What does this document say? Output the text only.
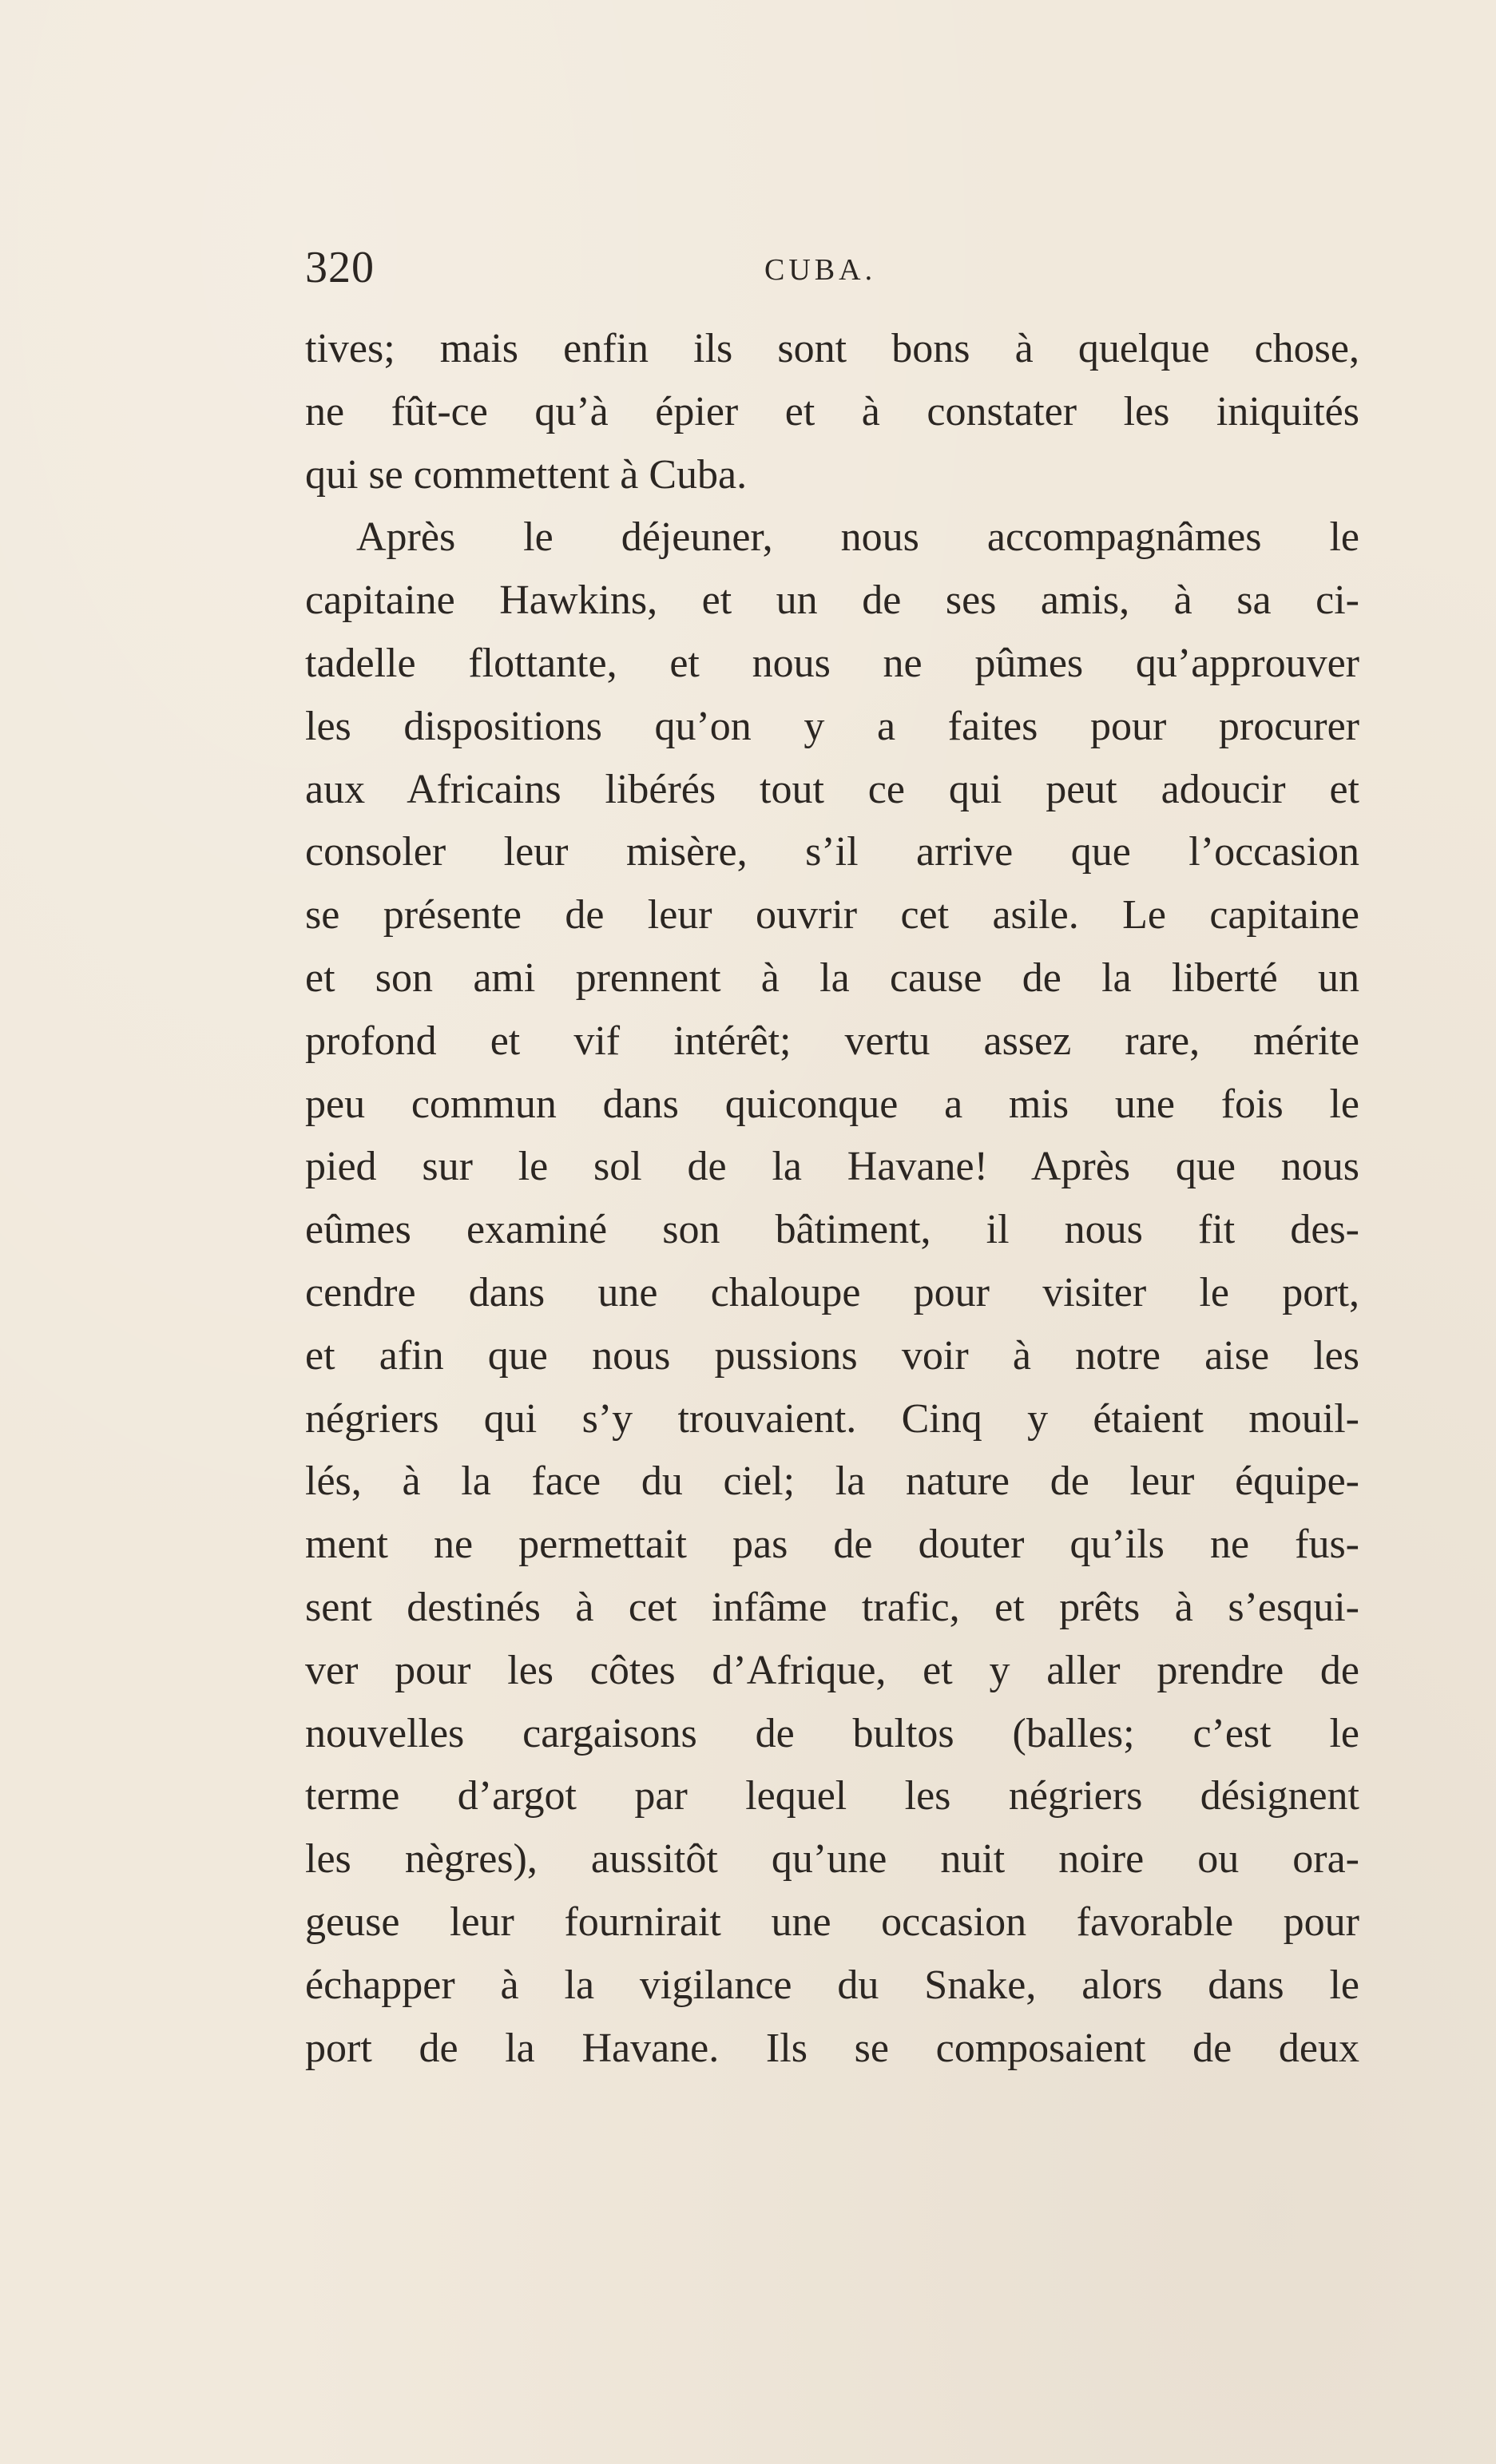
320	CUBA.
tives; mais enfin ils sont bons à quelque chose,
ne fût-ce qu’à épier et à constater les iniquités
qui se commettent à Cuba.
Après le déjeuner, nous accompagnâmes le
capitaine Hawkins, et un de ses amis, à sa ci-
tadelle flottante, et nous ne pûmes qu’approuver
les dispositions qu’on y a faites pour procurer
aux Africains libérés tout ce qui peut adoucir et
consoler leur misère, s’il arrive que l’occasion
se présente de leur ouvrir cet asile. Le capitaine
et son ami prennent à la cause de la liberté un
profond et vif intérêt; vertu assez rare, mérite
peu commun dans quiconque a mis une fois le
pied sur le sol de la Havane! Après que nous
eûmes examiné son bâtiment, il nous fit des-
cendre dans une chaloupe pour visiter le port,
et afin que nous pussions voir à notre aise les
négriers qui s’y trouvaient. Cinq y étaient mouil-
lés, à la face du ciel; la nature de leur équipe-
ment ne permettait pas de douter qu’ils ne fus-
sent destinés à cet infâme trafic, et prêts à s’esqui-
ver pour les côtes d’Afrique, et y aller prendre de
nouvelles cargaisons de bultos (balles; c’est le
terme d’argot par lequel les négriers désignent
les nègres), aussitôt qu’une nuit noire ou ora-
geuse leur fournirait une occasion favorable pour
échapper à la vigilance du Snake, alors dans le
port de la Havane. Ils se composaient de deux
